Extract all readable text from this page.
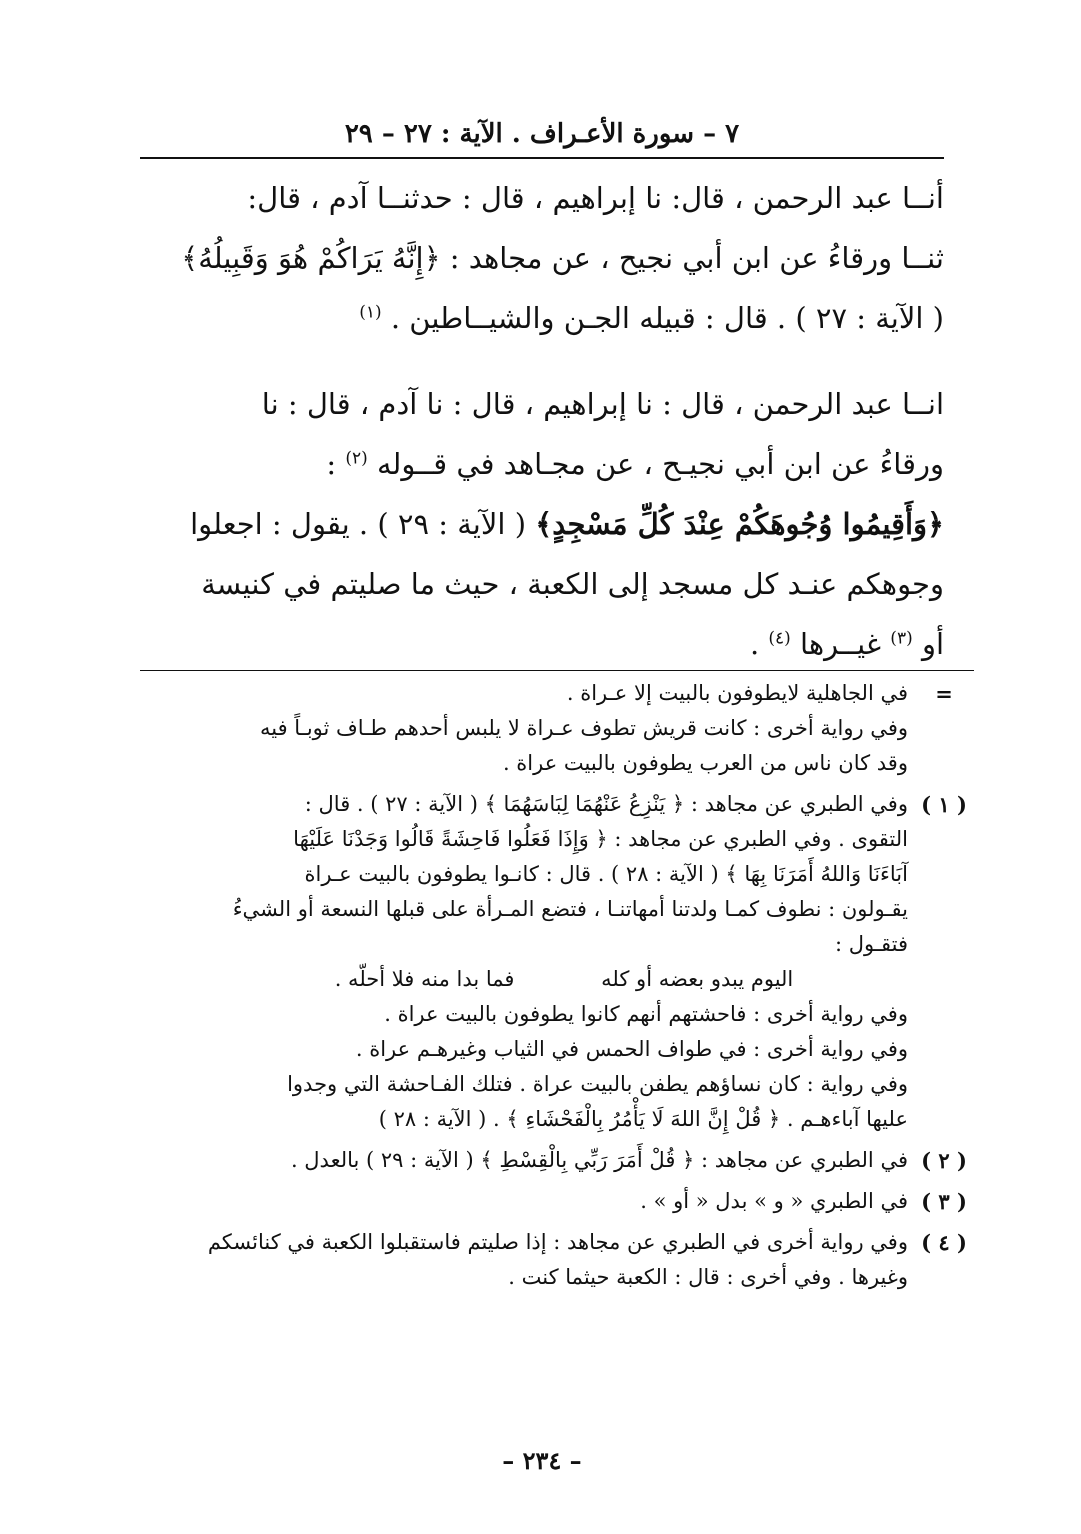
٧ – سورة الأعـراف . الآية : ٢٧ – ٢٩

أنــا عبد الرحمن ، قال: نا إبراهيم ، قال : حدثنــا آدم ، قال:

ثنــا ورقاءُ عن ابن أبي نجيح ، عن مجاهد : ﴿إِنَّهُ يَرَاكُمْ هُوَ وَقَبِيلُهُ﴾

( الآية : ٢٧ ) . قال : قبيله الجـن والشيــاطين . $^{(١)}$

انــا عبد الرحمن ، قال : نا إبراهيم ، قال : نا آدم ، قال : نا

ورقاءُ عن ابن أبي نجيـح ، عن مجـاهد في قــوله $^{(٢)}$ :

﴿وَأَقِيمُوا وُجُوهَكُمْ عِنْدَ كُلِّ مَسْجِدٍ﴾ ( الآية : ٢٩ ) . يقول : اجعلوا

وجوهكم عنـد كل مسجد إلى الكعبة ، حيث ما صليتم في كنيسة

أو $^{(٣)}$ غيــرها $^{(٤)}$ .

=

في الجاهلية لايطوفون بالبيت إلا عـراة .

وفي رواية أخرى : كانت قريش تطوف عـراة لا يلبس أحدهم طـاف ثوبـاً فيه

وقد كان ناس من العرب يطوفون بالبيت عراة .

( ١ )

وفي الطبري عن مجاهد : ﴿ يَنْزِعُ عَنْهُمَا لِبَاسَهُمَا ﴾ ( الآية : ٢٧ ) . قال :

التقوى . وفي الطبري عن مجاهد : ﴿ وَإِذَا فَعَلُوا فَاحِشَةً قَالُوا وَجَدْنَا عَلَيْهَا

آبَاءَنَا وَاللهُ أَمَرَنَا بِهَا ﴾ ( الآية : ٢٨ ) . قال : كانـوا يطوفون بالبيت عـراة

يقـولون : نطوف كمـا ولدتنا أمهاتنـا ، فتضع المـرأة على قبلها النسعة أو الشيءُ

فتقـول :

اليوم يبدو بعضه أو كله فما بدا منه فلا أحلّه .

وفي رواية أخرى : فاحشتهم أنهم كانوا يطوفون بالبيت عراة .

وفي رواية أخرى : في طواف الحمس في الثياب وغيرهـم عراة .

وفي رواية : كان نساؤهم يطفن بالبيت عراة . فتلك الفـاحشة التي وجدوا

عليها آباءهـم . ﴿ قُلْ إِنَّ اللهَ لَا يَأْمُرُ بِالْفَحْشَاءِ ﴾ . ( الآية : ٢٨ )

( ٢ )

في الطبري عن مجاهد : ﴿ قُلْ أَمَرَ رَبِّي بِالْقِسْطِ ﴾ ( الآية : ٢٩ ) بالعدل .

( ٣ )

في الطبري « و » بدل « أو » .

( ٤ )

وفي رواية أخرى في الطبري عن مجاهد : إذا صليتم فاستقبلوا الكعبة في كنائسكم

وغيرها . وفي أخرى : قال : الكعبة حيثما كنت .

– ٢٣٤ –
